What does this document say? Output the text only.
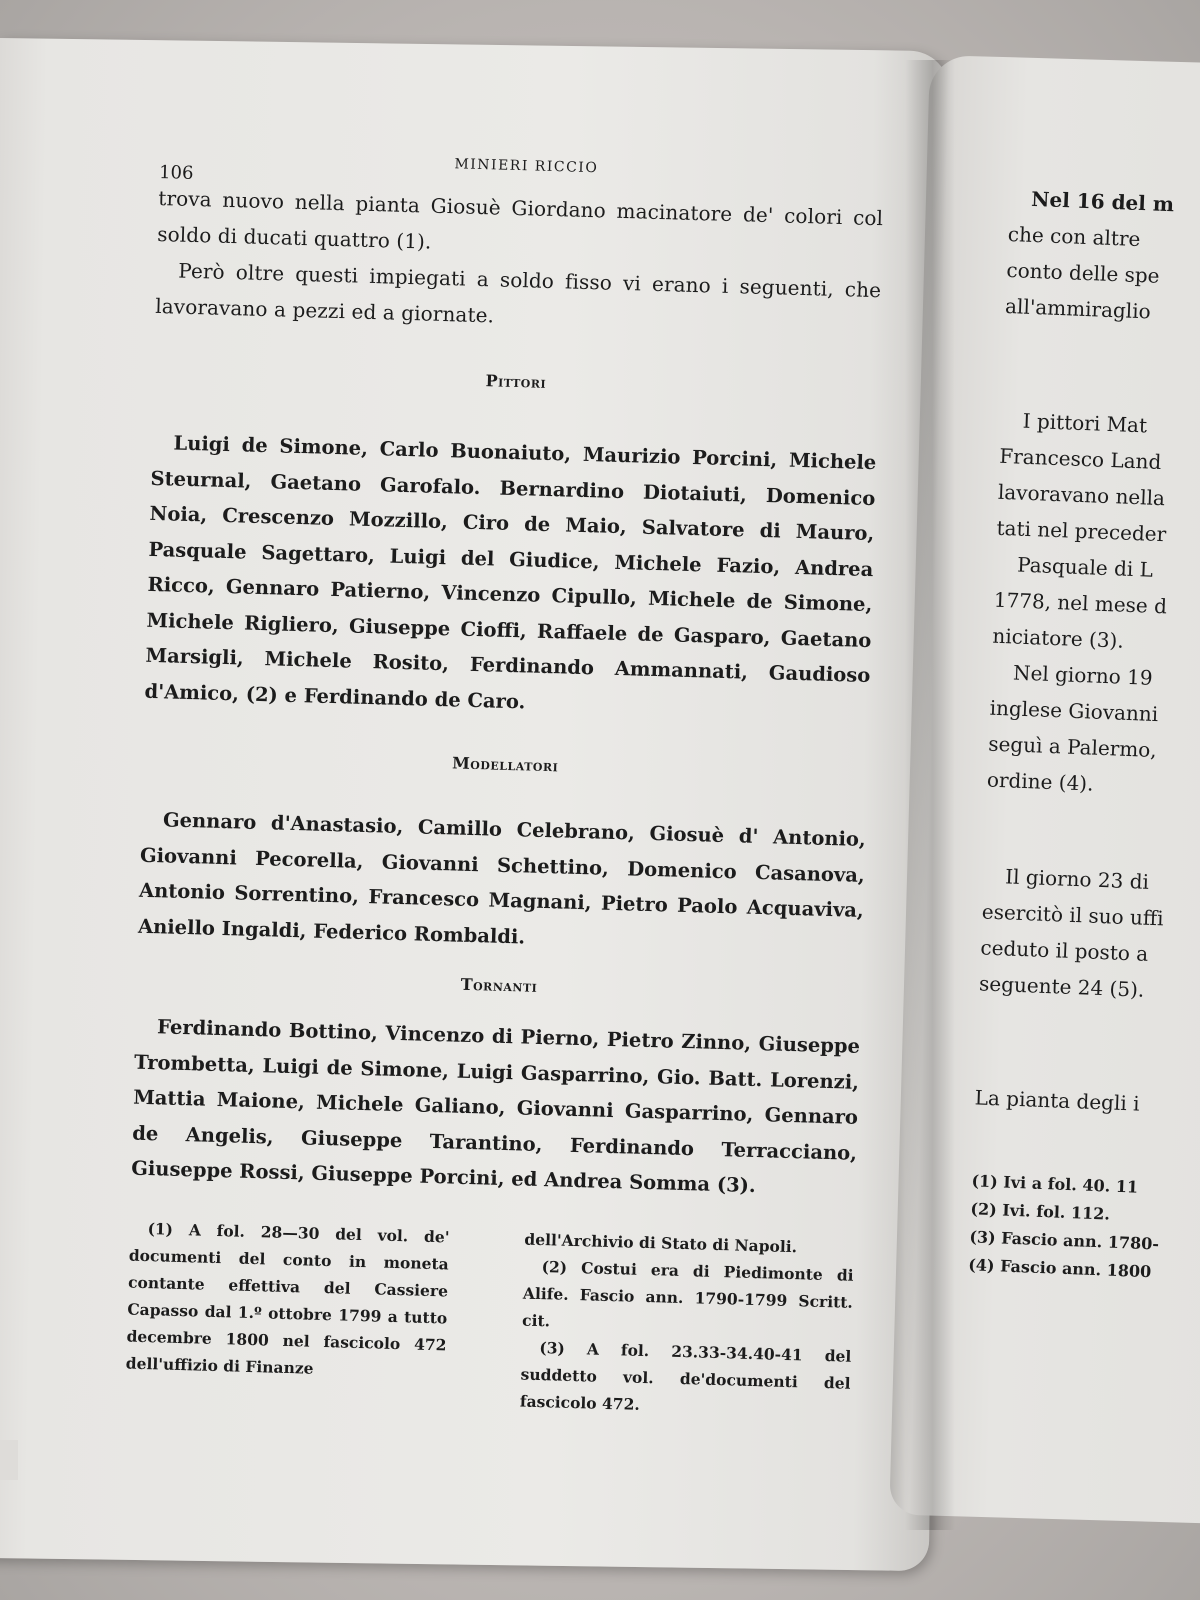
106	MINIERI RICCIO

trova nuovo nella pianta Giosuè Giordano macinatore de' colori col soldo di ducati quattro (1).

Però oltre questi impiegati a soldo fisso vi erano i seguenti, che lavoravano a pezzi ed a giornate.

Pittori

Luigi de Simone, Carlo Buonaiuto, Maurizio Porcini, Michele Steurnal, Gaetano Garofalo. Bernardino Diotaiuti, Domenico Noia, Crescenzo Mozzillo, Ciro de Maio, Salvatore di Mauro, Pasquale Sagettaro, Luigi del Giudice, Michele Fazio, Andrea Ricco, Gennaro Patierno, Vincenzo Cipullo, Michele de Simone, Michele Rigliero, Giuseppe Cioffi, Raffaele de Gasparo, Gaetano Marsigli, Michele Rosito, Ferdinando Ammannati, Gaudioso d'Amico, (2) e Ferdinando de Caro.

Modellatori

Gennaro d'Anastasio, Camillo Celebrano, Giosuè d' Antonio, Giovanni Pecorella, Giovanni Schettino, Domenico Casanova, Antonio Sorrentino, Francesco Magnani, Pietro Paolo Acquaviva, Aniello Ingaldi, Federico Rombaldi.

Tornanti

Ferdinando Bottino, Vincenzo di Pierno, Pietro Zinno, Giuseppe Trombetta, Luigi de Simone, Luigi Gasparrino, Gio. Batt. Lorenzi, Mattia Maione, Michele Galiano, Giovanni Gasparrino, Gennaro de Angelis, Giuseppe Tarantino, Ferdinando Terracciano, Giuseppe Rossi, Giuseppe Porcini, ed Andrea Somma (3).

(1) A fol. 28—30 del vol. de' documenti del conto in moneta contante effettiva del Cassiere Capasso dal 1.º ottobre 1799 a tutto decembre 1800 nel fascicolo 472 dell'uffizio di Finanze

dell'Archivio di Stato di Napoli.

(2) Costui era di Piedimonte di Alife. Fascio ann. 1790-1799 Scritt. cit.

(3) A fol. 23.33-34.40-41 del suddetto vol. de'documenti del fascicolo 472.

Nel 16 del m

che con altre

conto delle spe

all'ammiraglio

I pittori Mat

Francesco Land

lavoravano nella

tati nel preceder

Pasquale di L

1778, nel mese d

niciatore (3).

Nel giorno 19

inglese Giovanni

seguì a Palermo,

ordine (4).

Il giorno 23 di

esercitò il suo uffi

ceduto il posto a

seguente 24 (5).

La pianta degli i

(1) Ivi a fol. 40. 11

(2) Ivi. fol. 112.

(3) Fascio ann. 1780-

(4) Fascio ann. 1800
